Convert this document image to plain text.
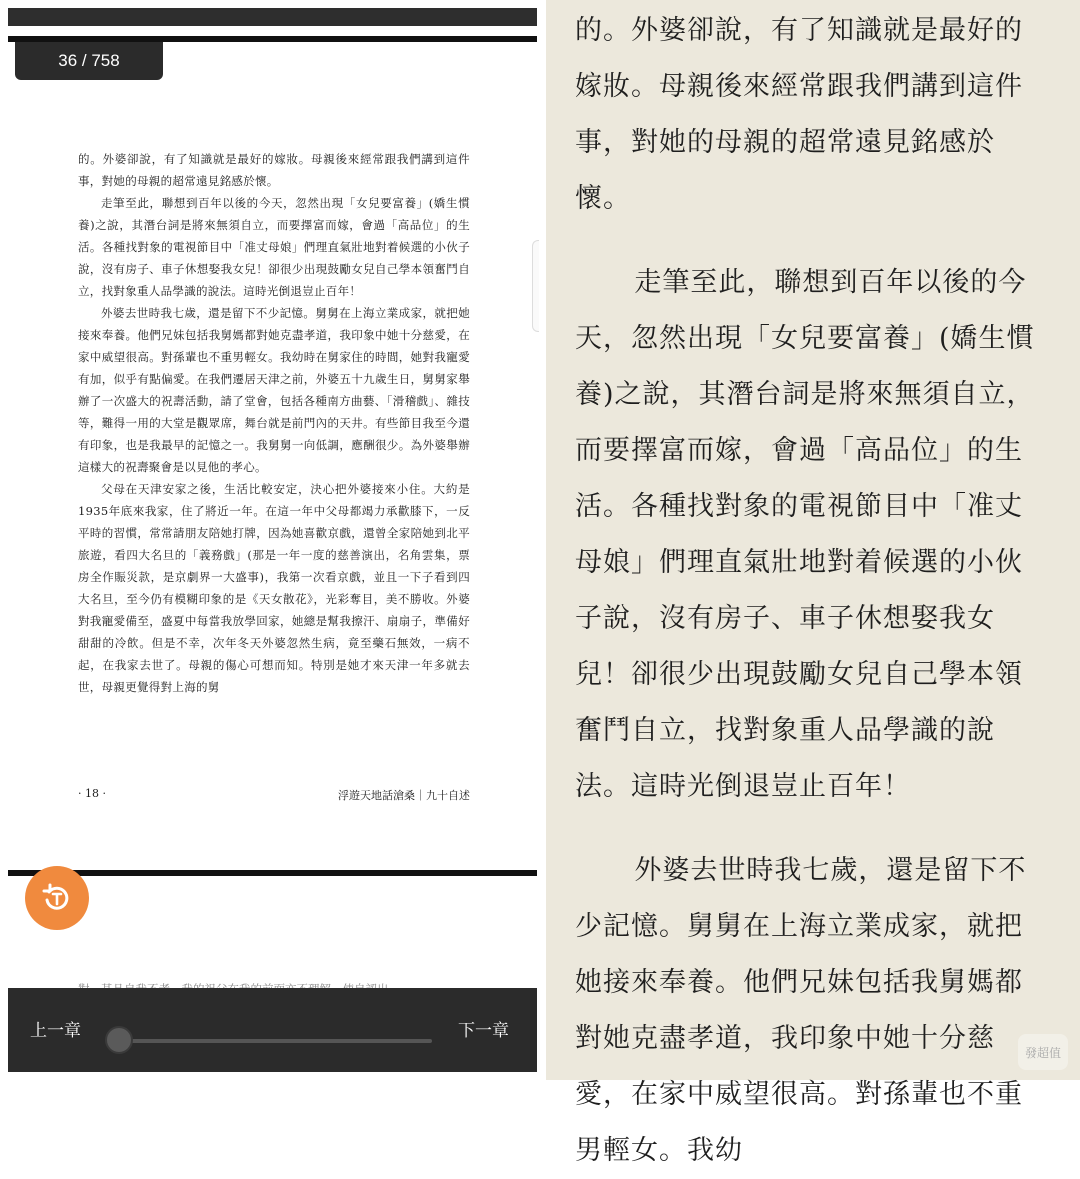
36 / 758

的。外婆卻說，有了知識就是最好的嫁妝。母親後來經常跟我們講到這件事，對她的母親的超常遠見銘感於懷。

走筆至此，聯想到百年以後的今天，忽然出現「女兒要富養」(嬌生慣養)之說，其潛台詞是將來無須自立，而要擇富而嫁，會過「高品位」的生活。各種找對象的電視節目中「准丈母娘」們理直氣壯地對着候選的小伙子說，沒有房子、車子休想娶我女兒！卻很少出現鼓勵女兒自己學本領奮鬥自立，找對象重人品學識的說法。這時光倒退豈止百年！

外婆去世時我七歲，還是留下不少記憶。舅舅在上海立業成家，就把她接來奉養。他們兄妹包括我舅媽都對她克盡孝道，我印象中她十分慈愛，在家中威望很高。對孫輩也不重男輕女。我幼時在舅家住的時間，她對我寵愛有加，似乎有點偏愛。在我們遷居天津之前，外婆五十九歲生日，舅舅家舉辦了一次盛大的祝壽活動，請了堂會，包括各種南方曲藝、「滑稽戲」、雜技等，難得一用的大堂是觀眾席，舞台就是前門內的天井。有些節目我至今還有印象，也是我最早的記憶之一。我舅舅一向低調，應酬很少。為外婆舉辦這樣大的祝壽聚會是以見他的孝心。

父母在天津安家之後，生活比較安定，決心把外婆接來小住。大約是1935年底來我家，住了將近一年。在這一年中父母都竭力承歡膝下，一反平時的習慣，常常請朋友陪她打牌，因為她喜歡京戲，還曾全家陪她到北平旅遊，看四大名旦的「義務戲」(那是一年一度的慈善演出，名角雲集，票房全作賑災款，是京劇界一大盛事)，我第一次看京戲，並且一下子看到四大名旦，至今仍有模糊印象的是《天女散花》，光彩奪目，美不勝收。外婆對我寵愛備至，盛夏中每當我放學回家，她總是幫我擦汗、扇扇子，準備好甜甜的冷飲。但是不幸，次年冬天外婆忽然生病，竟至藥石無效，一病不起，在我家去世了。母親的傷心可想而知。特別是她才來天津一年多就去世，母親更覺得對上海的舅

· 18 ·	浮遊天地話滄桑｜九十自述
上一章	下一章

的。外婆卻說，有了知識就是最好的嫁妝。母親後來經常跟我們講到這件事，對她的母親的超常遠見銘感於懷。

走筆至此，聯想到百年以後的今天，忽然出現「女兒要富養」(嬌生慣養)之說，其潛台詞是將來無須自立，而要擇富而嫁，會過「高品位」的生活。各種找對象的電視節目中「准丈母娘」們理直氣壯地對着候選的小伙子說，沒有房子、車子休想娶我女兒！卻很少出現鼓勵女兒自己學本領奮鬥自立，找對象重人品學識的說法。這時光倒退豈止百年！

外婆去世時我七歲，還是留下不少記憶。舅舅在上海立業成家，就把她接來奉養。他們兄妹包括我舅媽都對她克盡孝道，我印象中她十分慈愛，在家中威望很高。對孫輩也不重男輕女。我幼

發超值
